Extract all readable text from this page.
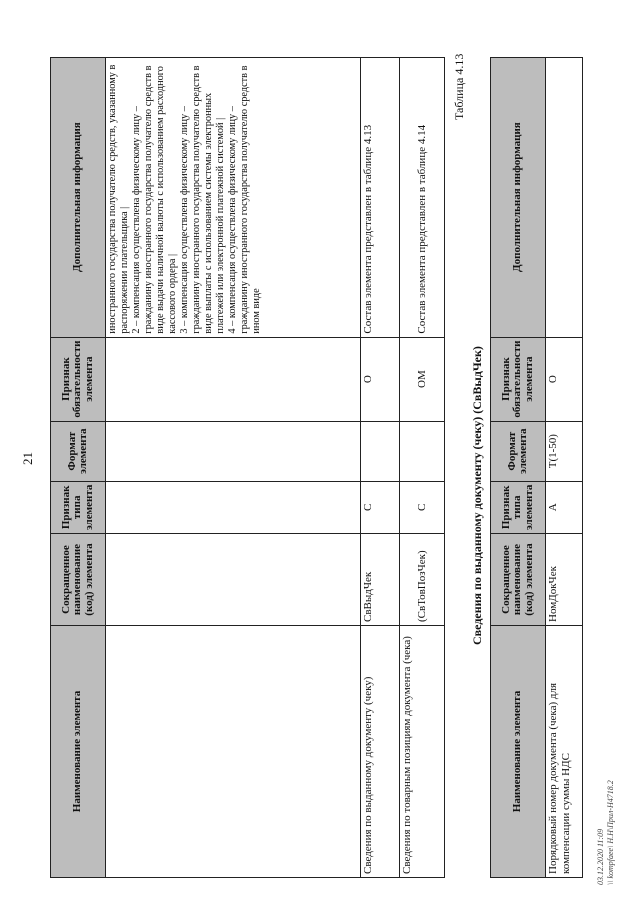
21
Наименование элемента	Сокращенное наименование (код) элемента	Признак типа элемента	Формат элемента	Признак обязательности элемента	Дополнительная информация
					иностранного государства получателю средств, указанному в распоряжении плательщика |
2 – компенсация осуществлена физическому лицу – гражданину иностранного государства получателю средств в виде выдачи наличной валюты с использованием расходного кассового ордера |
3 – компенсация осуществлена физическому лицу – гражданину иностранного государства получателю средств в виде выплаты с использованием системы электронных платежей или электронной платежной системой |
4 – компенсация осуществлена физическому лицу – гражданину иностранного государства получателю средств в ином виде
Сведения по выданному документу (чеку)	СвВыдЧек	С		О	Состав элемента представлен в таблице 4.13
Сведения по товарным позициям документа (чека)	(СвТовПозЧек)	С		ОМ	Состав элемента представлен в таблице 4.14
Таблица 4.13
Сведения по выданному документу (чеку) (СвВыдЧек)
Наименование элемента	Сокращенное наименование (код) элемента	Признак типа элемента	Формат элемента	Признак обязательности элемента	Дополнительная информация
Порядковый номер документа (чека) для компенсации суммы НДС	НомДокЧек	А	Т(1-50)	О	
03.12.2020 11:09 \\ kompfaee\ Н.Н\Прил-H4718.2
